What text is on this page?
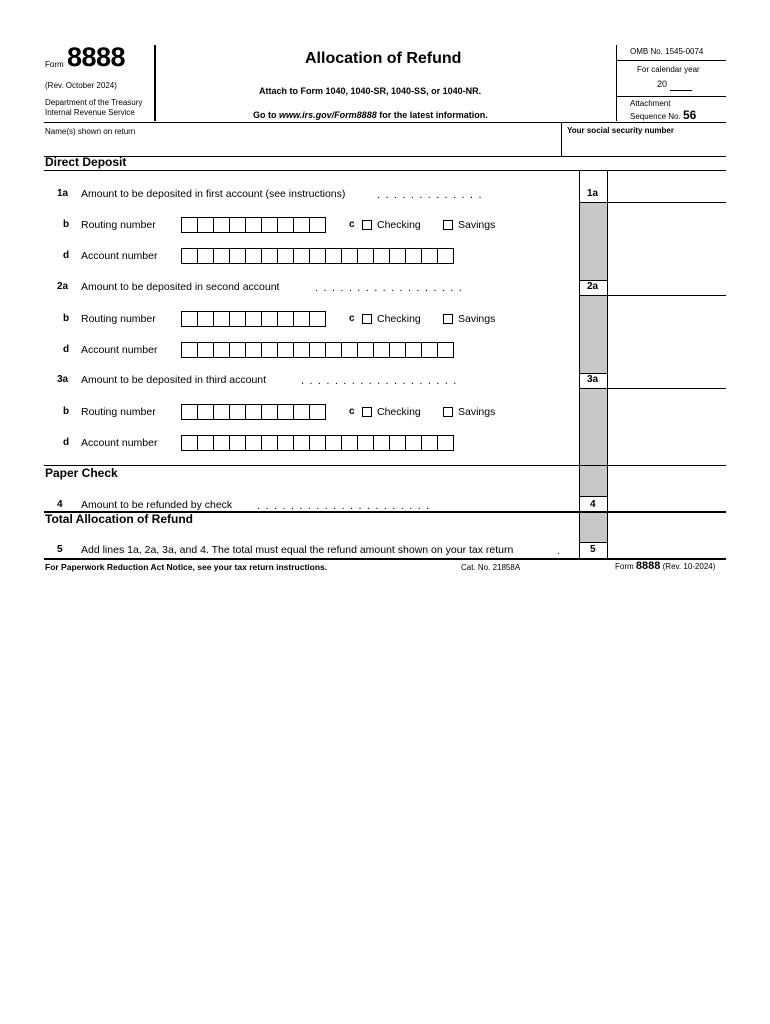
Form 8888
(Rev. October 2024)
Department of the Treasury
Internal Revenue Service
Allocation of Refund
Attach to Form 1040, 1040-SR, 1040-SS, or 1040-NR.
Go to www.irs.gov/Form8888 for the latest information.
OMB No. 1545-0074
For calendar year
20
Attachment
Sequence No. 56
Name(s) shown on return	Your social security number
Direct Deposit
1a Amount to be deposited in first account (see instructions)	.............	1a
b Routing number	c Checking	Savings
d Account number
2a Amount to be deposited in second account	..................	2a
b Routing number	c Checking	Savings
d Account number
3a Amount to be deposited in third account	...................	3a
b Routing number	c Checking	Savings
d Account number
Paper Check
4 Amount to be refunded by check .....................	4
Total Allocation of Refund
5 Add lines 1a, 2a, 3a, and 4. The total must equal the refund amount shown on your tax return	. 5
For Paperwork Reduction Act Notice, see your tax return instructions.	Cat. No. 21858A	Form 8888 (Rev. 10-2024)
